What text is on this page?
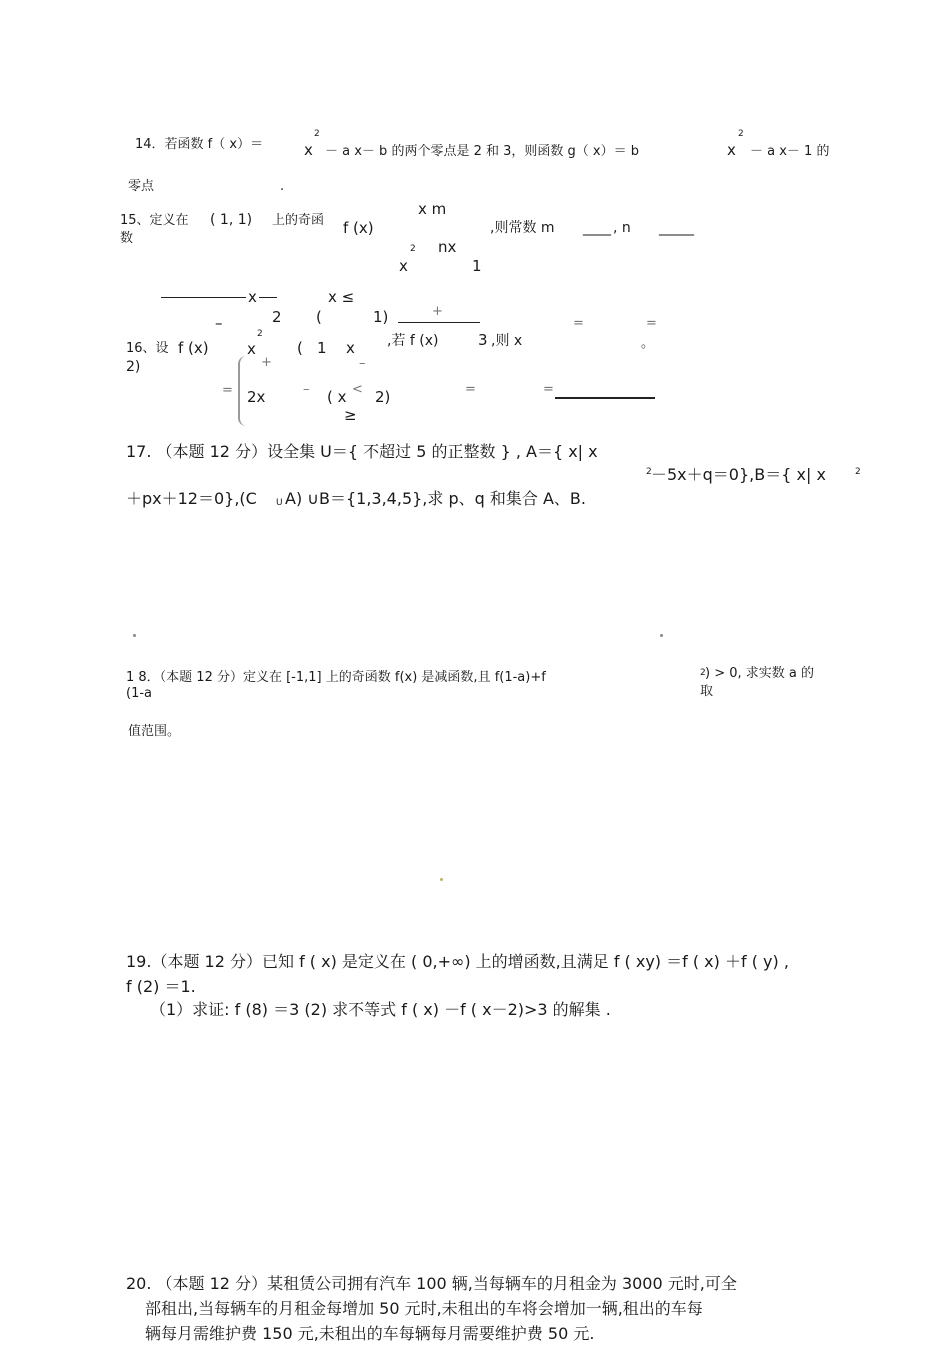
14．若函数 f（ x）＝	x
2
－ a x－ b 的两个零点是 2 和 3，则函数 g（ x）＝ b	x
2
－ a x－ 1 的
零点	.
15、定义在 ( 1, 1) 上的奇函
数
f (x)
x m
x
2 nx
1
,则常数 m ____ , n _____
x	x ≤
–	2 (	1)	+
=	=
16、设 f (x)	x
2
+
( 1 x
–
,若 f (x)	3 ,则 x	。
2)
=	–	<
2x	( x 2)
≥
=	=
17. （本题 12 分）设全集 U＝{ 不超过 5 的正整数 } , A＝{ x| x
2 －5x＋q＝0},B＝{ x| x	2
＋px＋12＝0},(C U A) ∪B＝{1,3,4,5},求 p、q 和集合 A、B.
1 8．（本题 12 分）定义在 [-1,1] 上的奇函数 f(x) 是减函数,且 f(1-a)+f
(1-a
2 ) > 0, 求实数 a 的
取
值范围。
19.（本题 12 分）已知 f ( x) 是定义在 ( 0,+∞) 上的增函数,且满足 f ( xy) ＝f ( x) ＋f ( y) ,
f (2) ＝1.
（1）求证: f (8) ＝3 (2) 求不等式 f ( x) －f ( x－2)>3 的解集 .
20. （本题 12 分）某租赁公司拥有汽车 100 辆,当每辆车的月租金为 3000 元时,可全
部租出,当每辆车的月租金每增加 50 元时,未租出的车将会增加一辆,租出的车每
辆每月需维护费 150 元,未租出的车每辆每月需要维护费 50 元.
